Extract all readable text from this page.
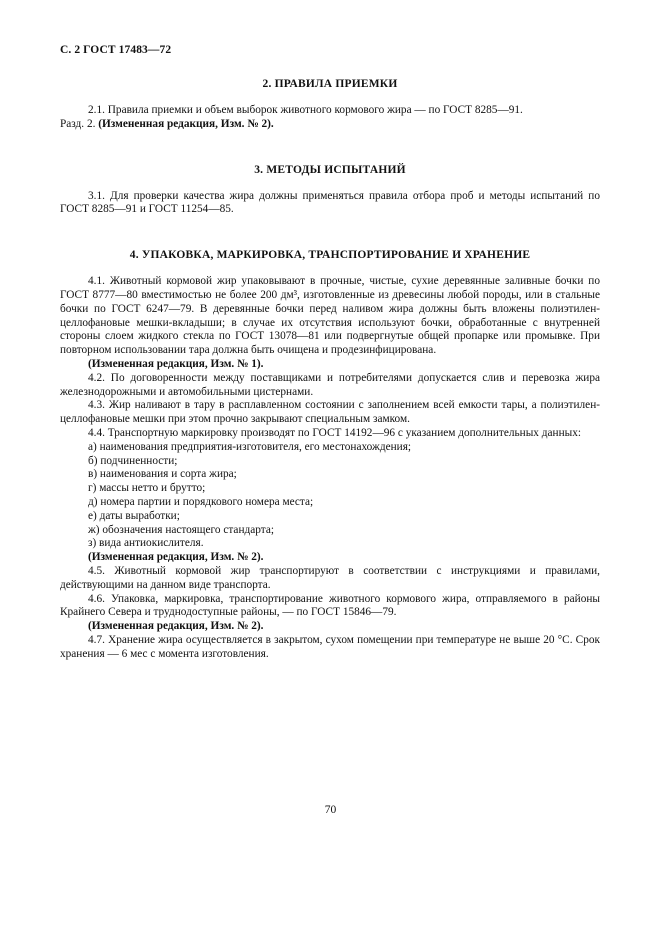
С. 2 ГОСТ 17483—72
2. ПРАВИЛА ПРИЕМКИ

2.1. Правила приемки и объем выборок животного кормового жира — по ГОСТ 8285—91.

Разд. 2. (Измененная редакция, Изм. № 2).

3. МЕТОДЫ ИСПЫТАНИЙ

3.1. Для проверки качества жира должны применяться правила отбора проб и методы испытаний по ГОСТ 8285—91 и ГОСТ 11254—85.

4. УПАКОВКА, МАРКИРОВКА, ТРАНСПОРТИРОВАНИЕ И ХРАНЕНИЕ

4.1. Животный кормовой жир упаковывают в прочные, чистые, сухие деревянные заливные бочки по ГОСТ 8777—80 вместимостью не более 200 дм³, изготовленные из древесины любой породы, или в стальные бочки по ГОСТ 6247—79. В деревянные бочки перед наливом жира должны быть вложены полиэтилен-целлофановые мешки-вкладыши; в случае их отсутствия используют бочки, обработанные с внутренней стороны слоем жидкого стекла по ГОСТ 13078—81 или подвергнутые общей пропарке или промывке. При повторном использовании тара должна быть очищена и продезинфицирована.

(Измененная редакция, Изм. № 1).

4.2. По договоренности между поставщиками и потребителями допускается слив и перевозка жира железнодорожными и автомобильными цистернами.

4.3. Жир наливают в тару в расплавленном состоянии с заполнением всей емкости тары, а полиэтилен-целлофановые мешки при этом прочно закрывают специальным замком.

4.4. Транспортную маркировку производят по ГОСТ 14192—96 с указанием дополнительных данных:

а) наименования предприятия-изготовителя, его местонахождения;

б) подчиненности;

в) наименования и сорта жира;

г) массы нетто и брутто;

д) номера партии и порядкового номера места;

е) даты выработки;

ж) обозначения настоящего стандарта;

з) вида антиокислителя.

(Измененная редакция, Изм. № 2).

4.5. Животный кормовой жир транспортируют в соответствии с инструкциями и правилами, действующими на данном виде транспорта.

4.6. Упаковка, маркировка, транспортирование животного кормового жира, отправляемого в районы Крайнего Севера и труднодоступные районы, — по ГОСТ 15846—79.

(Измененная редакция, Изм. № 2).

4.7. Хранение жира осуществляется в закрытом, сухом помещении при температуре не выше 20 °С. Срок хранения — 6 мес с момента изготовления.

70
